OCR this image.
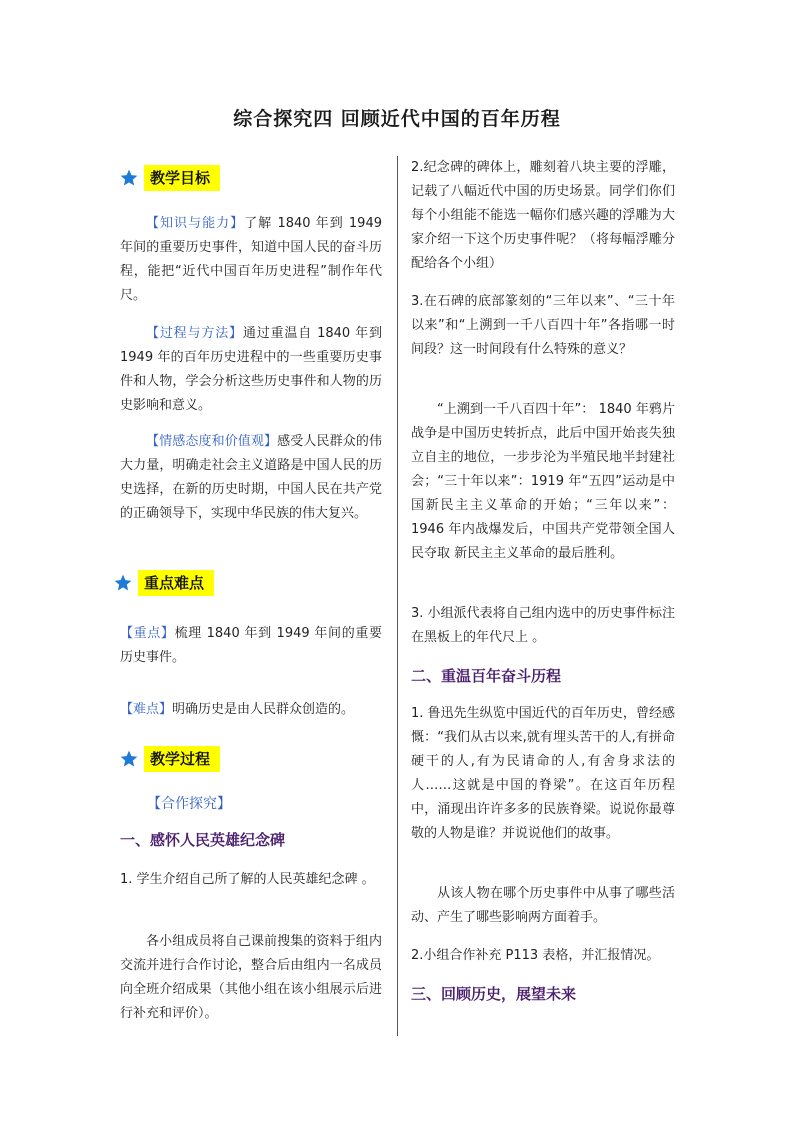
综合探究四 回顾近代中国的百年历程
教学目标
【知识与能力】了解 1840 年到 1949 年间的重要历史事件，知道中国人民的奋斗历程，能把“近代中国百年历史进程”制作年代尺。
【过程与方法】通过重温自 1840 年到 1949 年的百年历史进程中的一些重要历史事件和人物，学会分析这些历史事件和人物的历史影响和意义。
【情感态度和价值观】感受人民群众的伟大力量，明确走社会主义道路是中国人民的历史选择，在新的历史时期，中国人民在共产党的正确领导下，实现中华民族的伟大复兴。
重点难点
【重点】梳理 1840 年到 1949 年间的重要历史事件。
【难点】明确历史是由人民群众创造的。
教学过程
【合作探究】
一、感怀人民英雄纪念碑
1. 学生介绍自己所了解的人民英雄纪念碑 。
各小组成员将自己课前搜集的资料于组内交流并进行合作讨论，整合后由组内一名成员向全班介绍成果（其他小组在该小组展示后进行补充和评价）。
2.纪念碑的碑体上，雕刻着八块主要的浮雕，记载了八幅近代中国的历史场景。同学们你们每个小组能不能选一幅你们感兴趣的浮雕为大家介绍一下这个历史事件呢？（将每幅浮雕分配给各个小组）
3.在石碑的底部篆刻的“三年以来”、“三十年以来”和“上溯到一千八百四十年”各指哪一时间段？这一时间段有什么特殊的意义？
“上溯到一千八百四十年”： 1840 年鸦片战争是中国历史转折点，此后中国开始丧失独立自主的地位，一步步沦为半殖民地半封建社会；“三十年以来”：1919 年“五四”运动是中国新民主主义革命的开始；“三年以来”：1946 年内战爆发后，中国共产党带领全国人民夺取 新民主主义革命的最后胜利。
3. 小组派代表将自己组内选中的历史事件标注在黑板上的年代尺上 。
二、重温百年奋斗历程
1. 鲁迅先生纵览中国近代的百年历史，曾经感慨：“我们从古以来,就有埋头苦干的人,有拼命硬干的人,有为民请命的人,有舍身求法的人……这就是中国的脊梁”。在这百年历程中，涌现出许许多多的民族脊梁。说说你最尊敬的人物是谁？并说说他们的故事。
从该人物在哪个历史事件中从事了哪些活动、产生了哪些影响两方面着手。
2.小组合作补充 P113 表格，并汇报情况。
三、回顾历史，展望未来
